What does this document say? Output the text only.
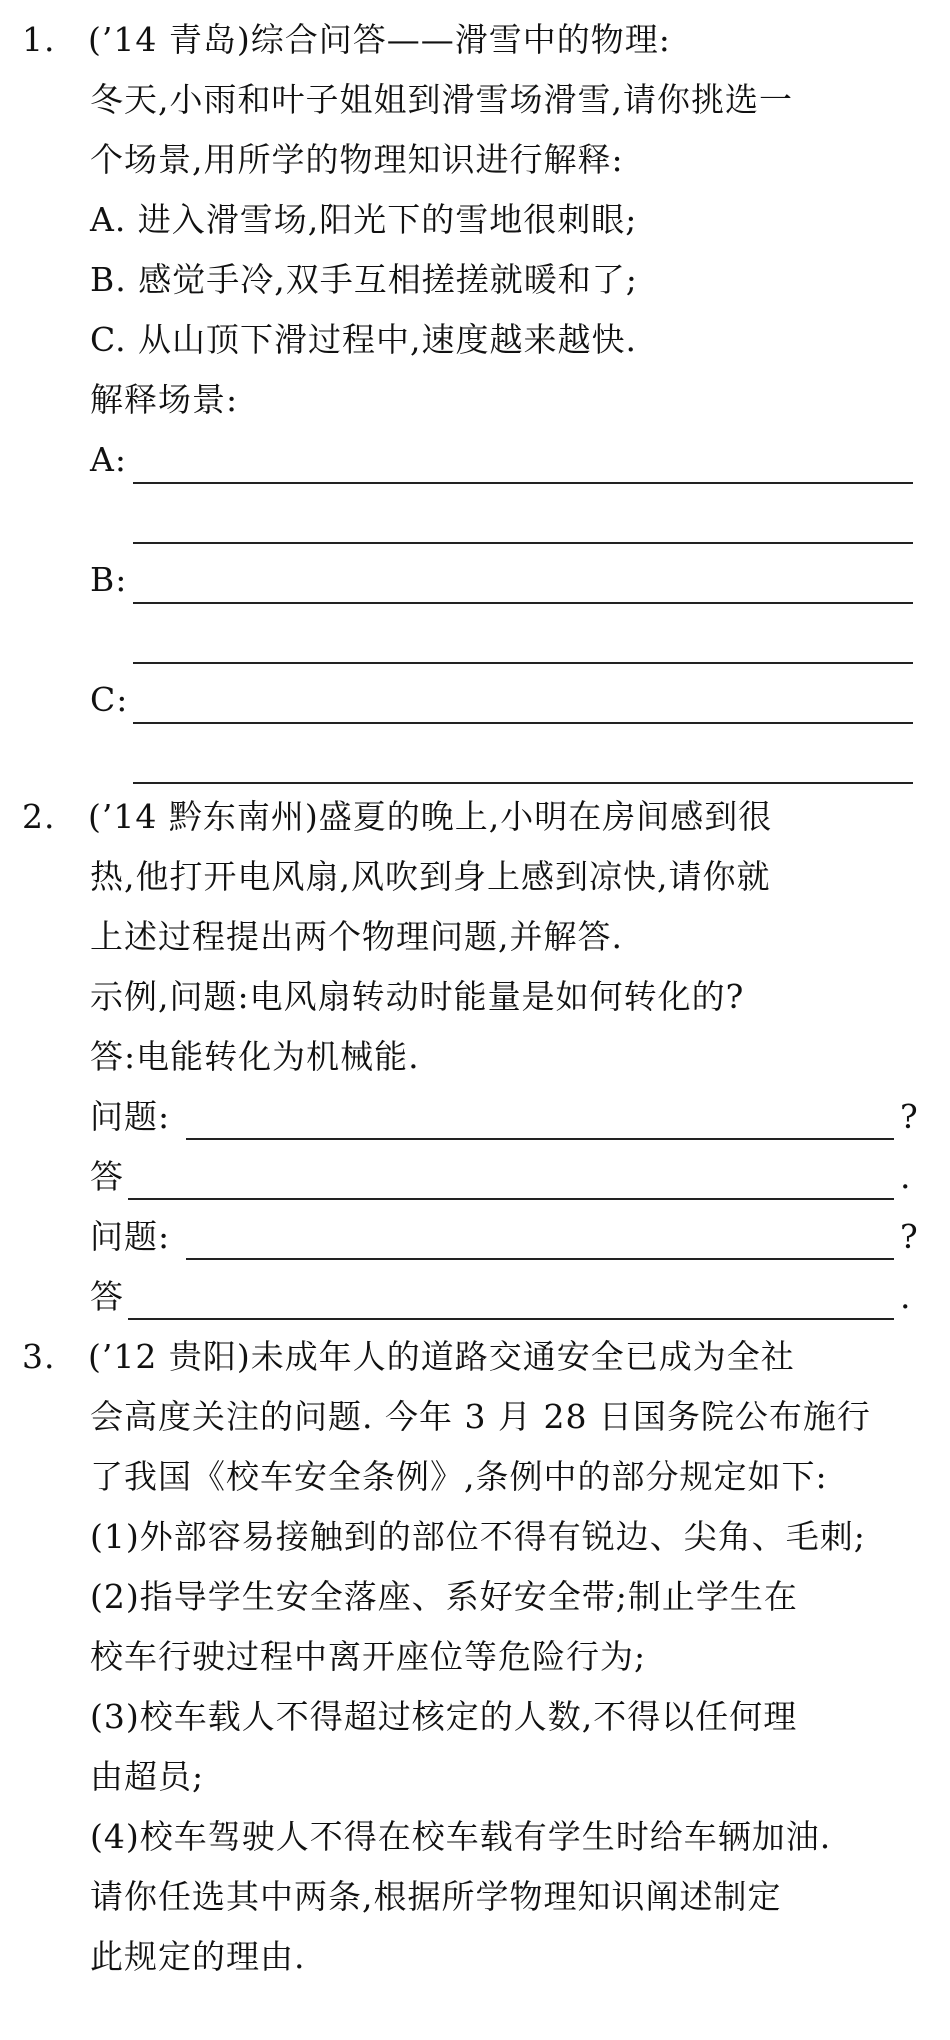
1. (’14 青岛)综合问答——滑雪中的物理:
冬天,小雨和叶子姐姐到滑雪场滑雪,请你挑选一
个场景,用所学的物理知识进行解释:
A. 进入滑雪场,阳光下的雪地很刺眼;
B. 感觉手冷,双手互相搓搓就暖和了;
C. 从山顶下滑过程中,速度越来越快.
解释场景:
A:
B:
C:
2. (’14 黔东南州)盛夏的晚上,小明在房间感到很
热,他打开电风扇,风吹到身上感到凉快,请你就
上述过程提出两个物理问题,并解答.
示例,问题:电风扇转动时能量是如何转化的?
答:电能转化为机械能.
问题:	?
答	.
问题:	?
答	.
3. (’12 贵阳)未成年人的道路交通安全已成为全社
会高度关注的问题. 今年 3 月 28 日国务院公布施行
了我国《校车安全条例》,条例中的部分规定如下:
(1)外部容易接触到的部位不得有锐边、尖角、毛刺;
(2)指导学生安全落座、系好安全带;制止学生在
校车行驶过程中离开座位等危险行为;
(3)校车载人不得超过核定的人数,不得以任何理
由超员;
(4)校车驾驶人不得在校车载有学生时给车辆加油.
请你任选其中两条,根据所学物理知识阐述制定
此规定的理由.
